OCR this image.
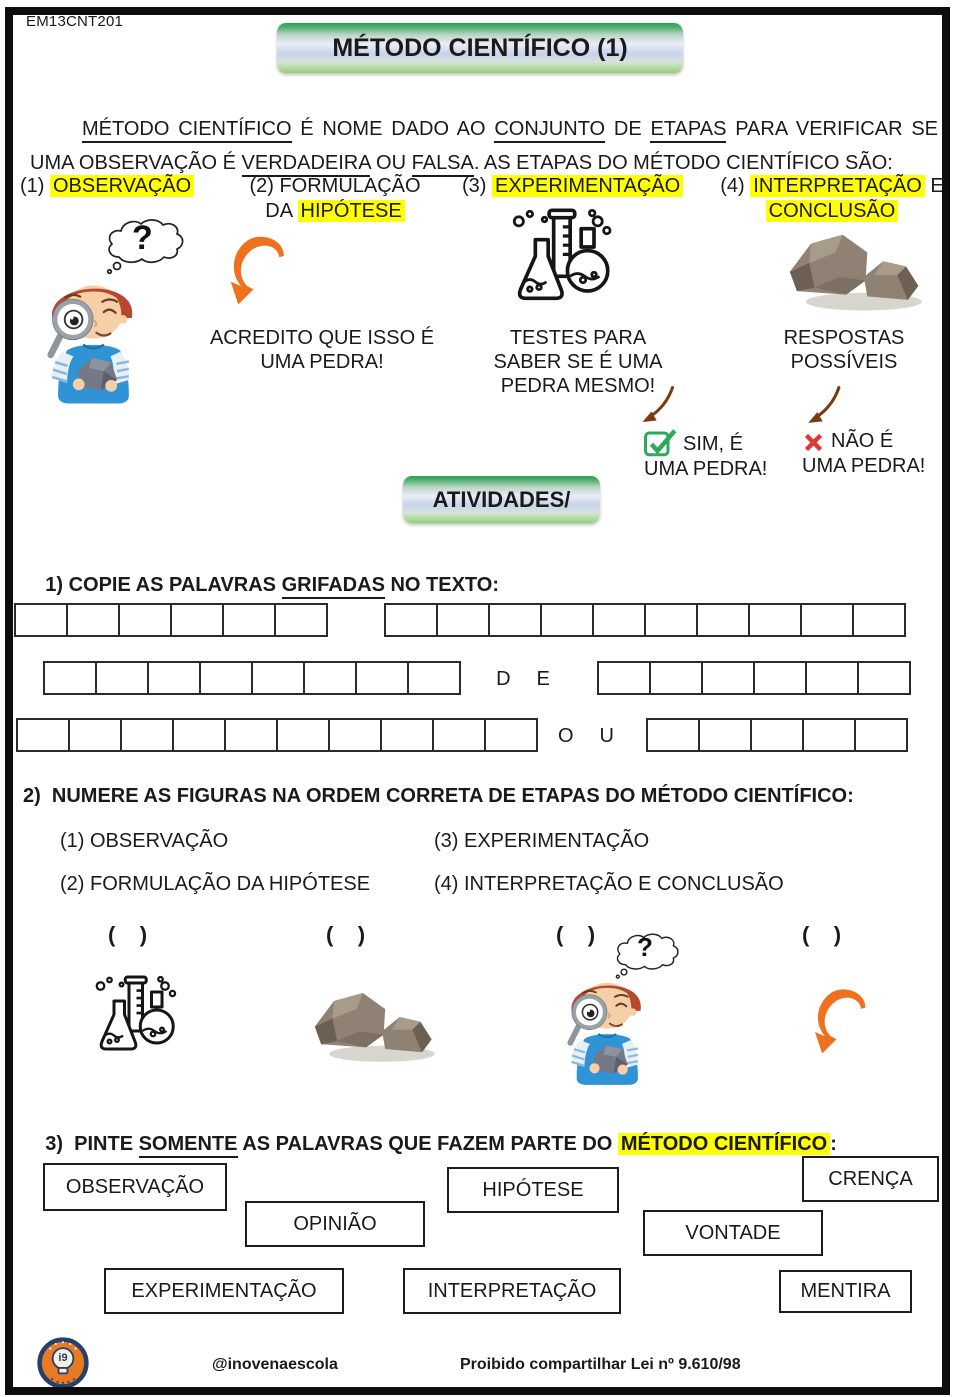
EM13CNT201
MÉTODO CIENTÍFICO (1)

MÉTODO CIENTÍFICO É NOME DADO AO CONJUNTO DE ETAPAS PARA VERIFICAR SE UMA OBSERVAÇÃO É VERDADEIRA OU FALSA. AS ETAPAS DO MÉTODO CIENTÍFICO SÃO:

(1) OBSERVAÇÃO	(2) FORMULAÇÃO
DA HIPÓTESE
(3) EXPERIMENTAÇÃO	(4) INTERPRETAÇÃO E
CONCLUSÃO
?
ACREDITO QUE ISSO É UMA PEDRA!
TESTES PARA SABER SE É UMA PEDRA MESMO!
RESPOSTAS POSSÍVEIS
SIM, É UMA PEDRA!
NÃO É UMA PEDRA!
ATIVIDADES/

1) COPIE AS PALAVRAS GRIFADAS NO TEXTO:

DE
OU
2)  NUMERE AS FIGURAS NA ORDEM CORRETA DE ETAPAS DO MÉTODO CIENTÍFICO:
(1) OBSERVAÇÃO	(3) EXPERIMENTAÇÃO
(2) FORMULAÇÃO DA HIPÓTESE	(4) INTERPRETAÇÃO E CONCLUSÃO
(    )	(    )	(    )	(    )
?

3)  PINTE SOMENTE AS PALAVRAS QUE FAZEM PARTE DO MÉTODO CIENTÍFICO :

OBSERVAÇÃO
OPINIÃO
HIPÓTESE
VONTADE
CRENÇA
EXPERIMENTAÇÃO	INTERPRETAÇÃO	MENTIRA
i9	@inovenaescola	Proibido compartilhar Lei nº 9.610/98
